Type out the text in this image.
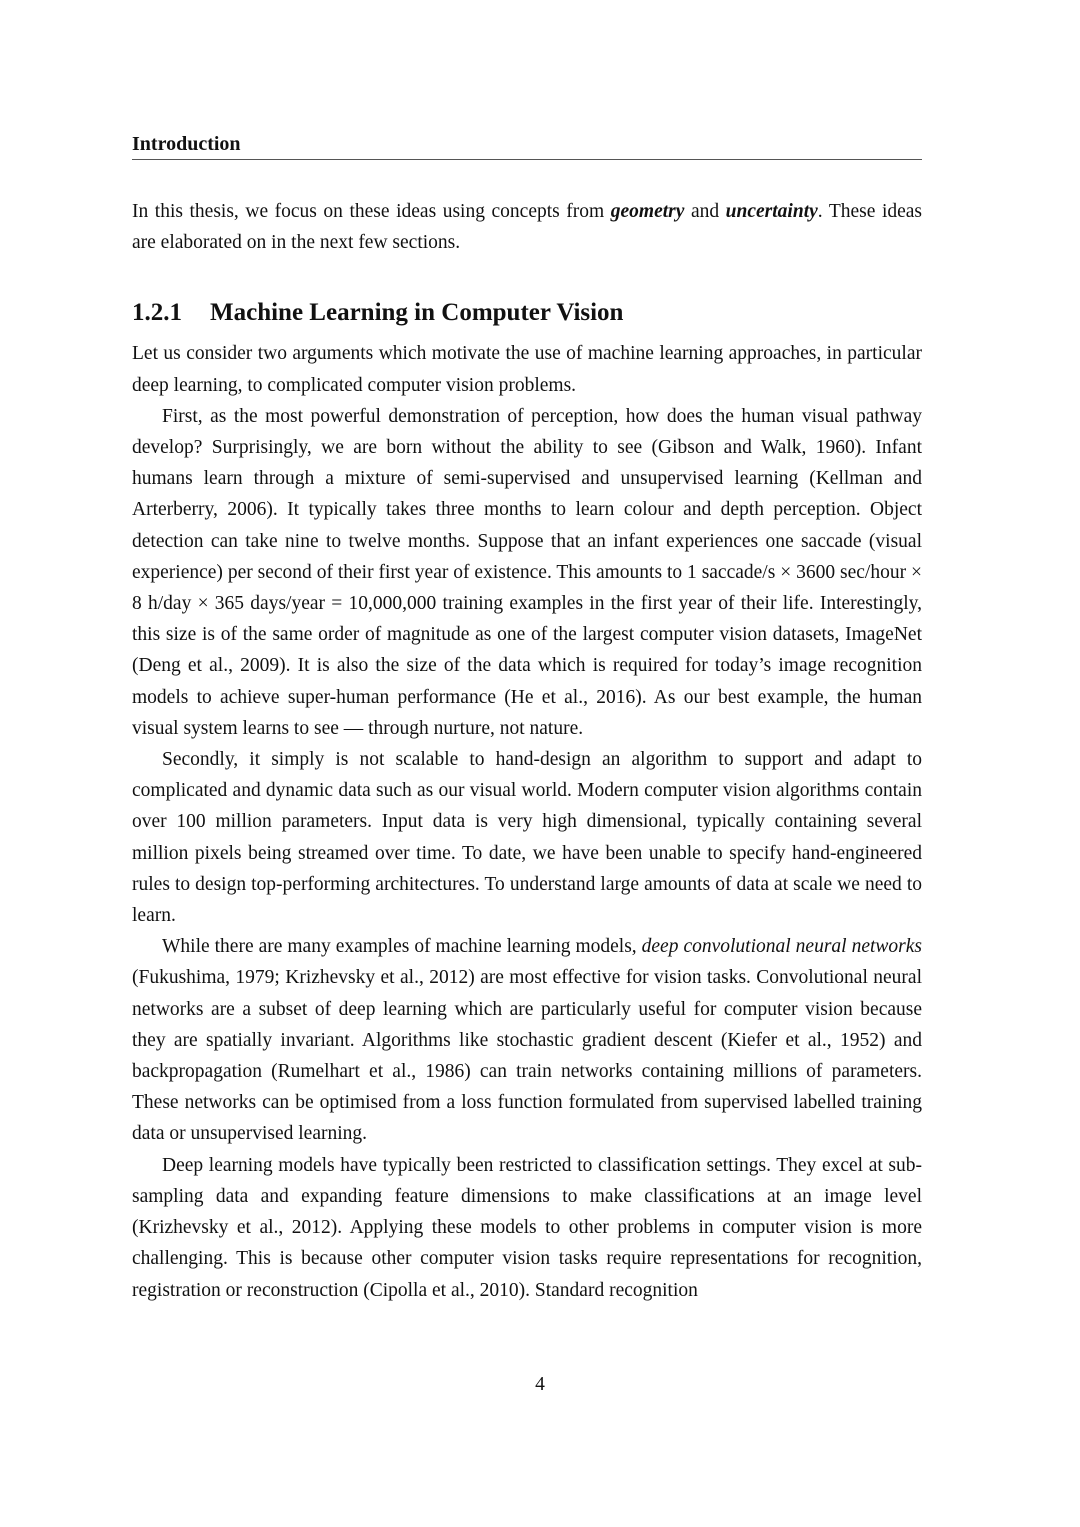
Introduction

In this thesis, we focus on these ideas using concepts from geometry and uncertainty. These ideas are elaborated on in the next few sections.

1.2.1 Machine Learning in Computer Vision

Let us consider two arguments which motivate the use of machine learning approaches, in particular deep learning, to complicated computer vision problems.

First, as the most powerful demonstration of perception, how does the human visual pathway develop? Surprisingly, we are born without the ability to see (Gibson and Walk, 1960). Infant humans learn through a mixture of semi-supervised and unsupervised learning (Kellman and Arterberry, 2006). It typically takes three months to learn colour and depth perception. Object detection can take nine to twelve months. Suppose that an infant experiences one saccade (visual experience) per second of their first year of existence. This amounts to 1 saccade/s × 3600 sec/hour × 8 h/day × 365 days/year = 10,000,000 training examples in the first year of their life. Interestingly, this size is of the same order of magnitude as one of the largest computer vision datasets, ImageNet (Deng et al., 2009). It is also the size of the data which is required for today’s image recognition models to achieve super-human performance (He et al., 2016). As our best example, the human visual system learns to see — through nurture, not nature.

Secondly, it simply is not scalable to hand-design an algorithm to support and adapt to complicated and dynamic data such as our visual world. Modern computer vision algorithms contain over 100 million parameters. Input data is very high dimensional, typically containing several million pixels being streamed over time. To date, we have been unable to specify hand-engineered rules to design top-performing architectures. To understand large amounts of data at scale we need to learn.

While there are many examples of machine learning models, deep convolutional neural networks (Fukushima, 1979; Krizhevsky et al., 2012) are most effective for vision tasks. Convolutional neural networks are a subset of deep learning which are particularly useful for computer vision because they are spatially invariant. Algorithms like stochastic gradient descent (Kiefer et al., 1952) and backpropagation (Rumelhart et al., 1986) can train networks containing millions of parameters. These networks can be optimised from a loss function formulated from supervised labelled training data or unsupervised learning.

Deep learning models have typically been restricted to classification settings. They excel at sub-sampling data and expanding feature dimensions to make classifications at an image level (Krizhevsky et al., 2012). Applying these models to other problems in computer vision is more challenging. This is because other computer vision tasks require representations for recognition, registration or reconstruction (Cipolla et al., 2010). Standard recognition

4
